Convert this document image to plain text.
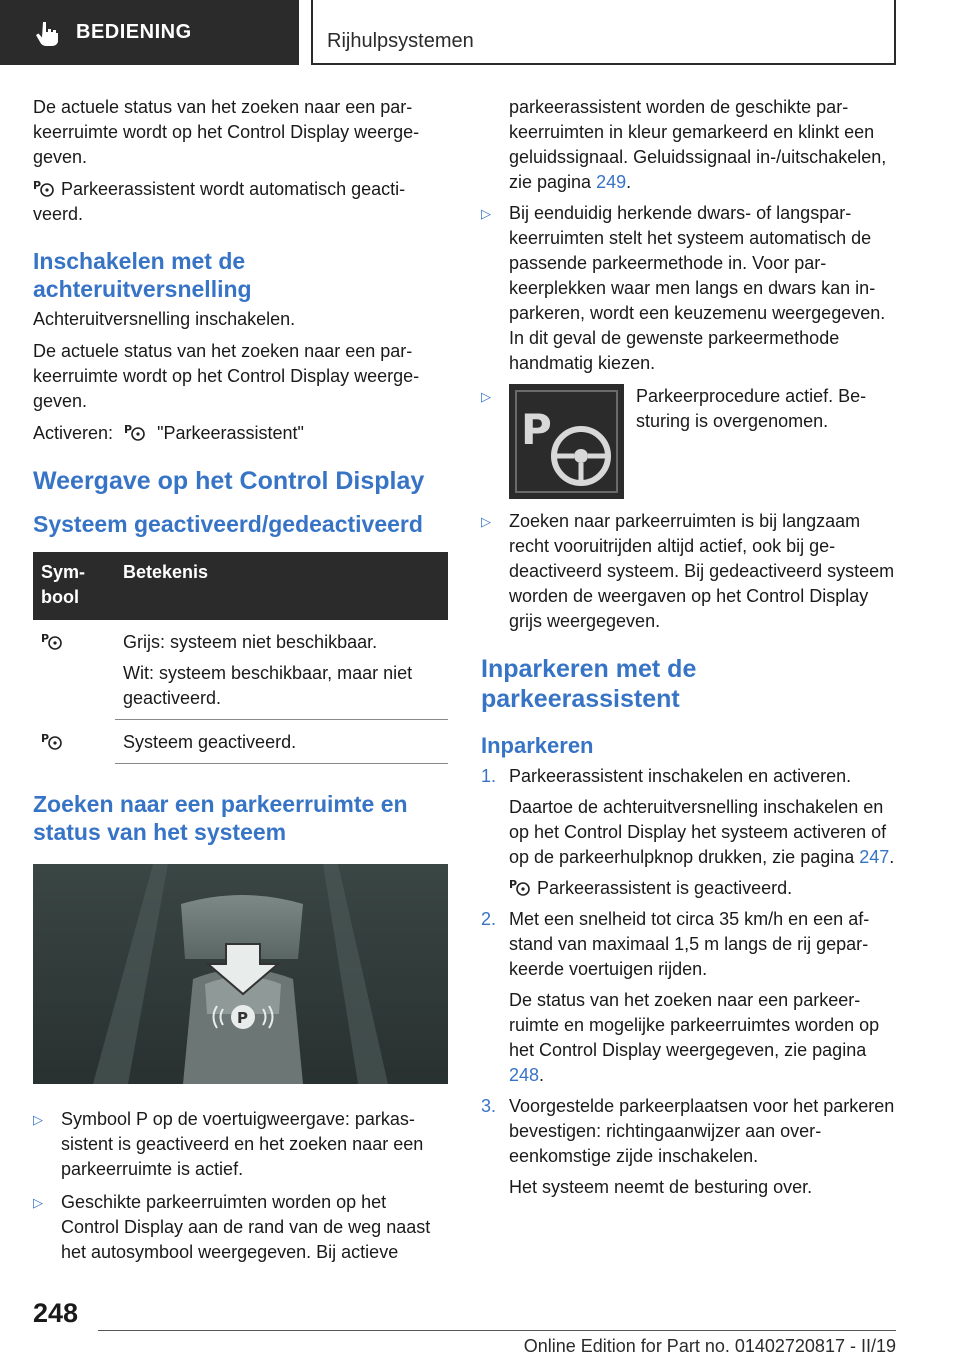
BEDIENING	Rijhulpsystemen

De actuele status van het zoeken naar een parkeerruimte wordt op het Control Display weergegeven.

P Parkeerassistent wordt automatisch geactiveerd.

Inschakelen met de achteruitversnelling

Achteruitversnelling inschakelen.

De actuele status van het zoeken naar een parkeerruimte wordt op het Control Display weergegeven.

Activeren: P "Parkeerassistent"

Weergave op het Control Display
Systeem geactiveerd/gedeactiveerd
Symbool	Betekenis

P	Grijs: systeem niet beschikbaar.
Wit: systeem beschikbaar, maar niet geactiveerd.

P	Systeem geactiveerd.
Zoeken naar een parkeerruimte en status van het systeem
P
▷	Symbool P op de voertuigweergave: parkassistent is geactiveerd en het zoeken naar een parkeerruimte is actief.
▷	Geschikte parkeerruimten worden op het Control Display aan de rand van de weg naast het autosymbool weergegeven. Bij actieve

parkeerassistent worden de geschikte parkeerruimten in kleur gemarkeerd en klinkt een geluidssignaal. Geluidssignaal in-/uitschakelen, zie pagina 249.

▷	Bij eenduidig herkende dwars- of langsparkeerruimten stelt het systeem automatisch de passende parkeermethode in. Voor parkeerplekken waar men langs en dwars kan inparkeren, wordt een keuzemenu weergegeven. In dit geval de gewenste parkeermethode handmatig kiezen.
▷
P
Parkeerprocedure actief. Besturing is overgenomen.
▷	Zoeken naar parkeerruimten is bij langzaam recht vooruitrijden altijd actief, ook bij gedeactiveerd systeem. Bij gedeactiveerd systeem worden de weergaven op het Control Display grijs weergegeven.
Inparkeren met de parkeerassistent
Inparkeren
1. Parkeerassistent inschakelen en activeren.

Daartoe de achteruitversnelling inschakelen en op het Control Display het systeem activeren of op de parkeerhulpknop drukken, zie pagina 247.

P Parkeerassistent is geactiveerd.

2. Met een snelheid tot circa 35 km/h en een afstand van maximaal 1,5 m langs de rij geparkeerde voertuigen rijden.

De status van het zoeken naar een parkeerruimte en mogelijke parkeerruimtes worden op het Control Display weergegeven, zie pagina 248.

3. Voorgestelde parkeerplaatsen voor het parkeren bevestigen: richtingaanwijzer aan overeenkomstige zijde inschakelen.

Het systeem neemt de besturing over.

248
Online Edition for Part no. 01402720817 - II/19
